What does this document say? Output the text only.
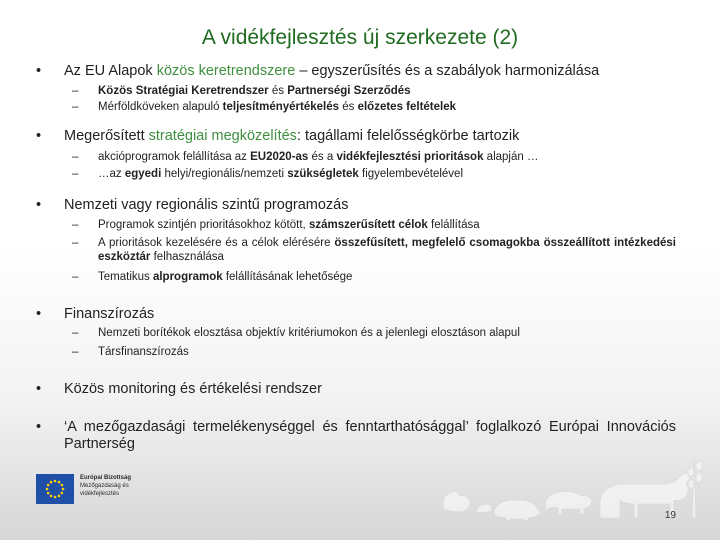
A vidékfejlesztés új szerkezete (2)
• Az EU Alapok közös keretrendszere – egyszerűsítés és a szabályok harmonizálása
– Közös Stratégiai Keretrendszer és Partnerségi Szerződés
– Mérföldköveken alapuló teljesítményértékelés és előzetes feltételek
• Megerősített stratégiai megközelítés: tagállami felelősségkörbe tartozik
– akcióprogramok felállítása az EU2020-as és a vidékfejlesztési prioritások alapján …
– …az egyedi helyi/regionális/nemzeti szükségletek figyelembevételével
• Nemzeti vagy regionális szintű programozás
– Programok szintjén prioritásokhoz kötött, számszerűsített célok felállítása
– A prioritások kezelésére és a célok elérésére összefűsített, megfelelő csomagokba összeállított intézkedési eszköztár felhasználása
– Tematikus alprogramok felállításának lehetősége
• Finanszírozás
– Nemzeti borítékok elosztása objektív kritériumokon és a jelenlegi elosztáson alapul
– Társfinanszírozás
• Közös monitoring és értékelési rendszer
• ‘A mezőgazdasági termelékenységgel és fenntarthatósággal’ foglalkozó Európai Innovációs Partnerség
Európai Bizottság
Mezőgazdaság és
vidékfejlesztés
19
